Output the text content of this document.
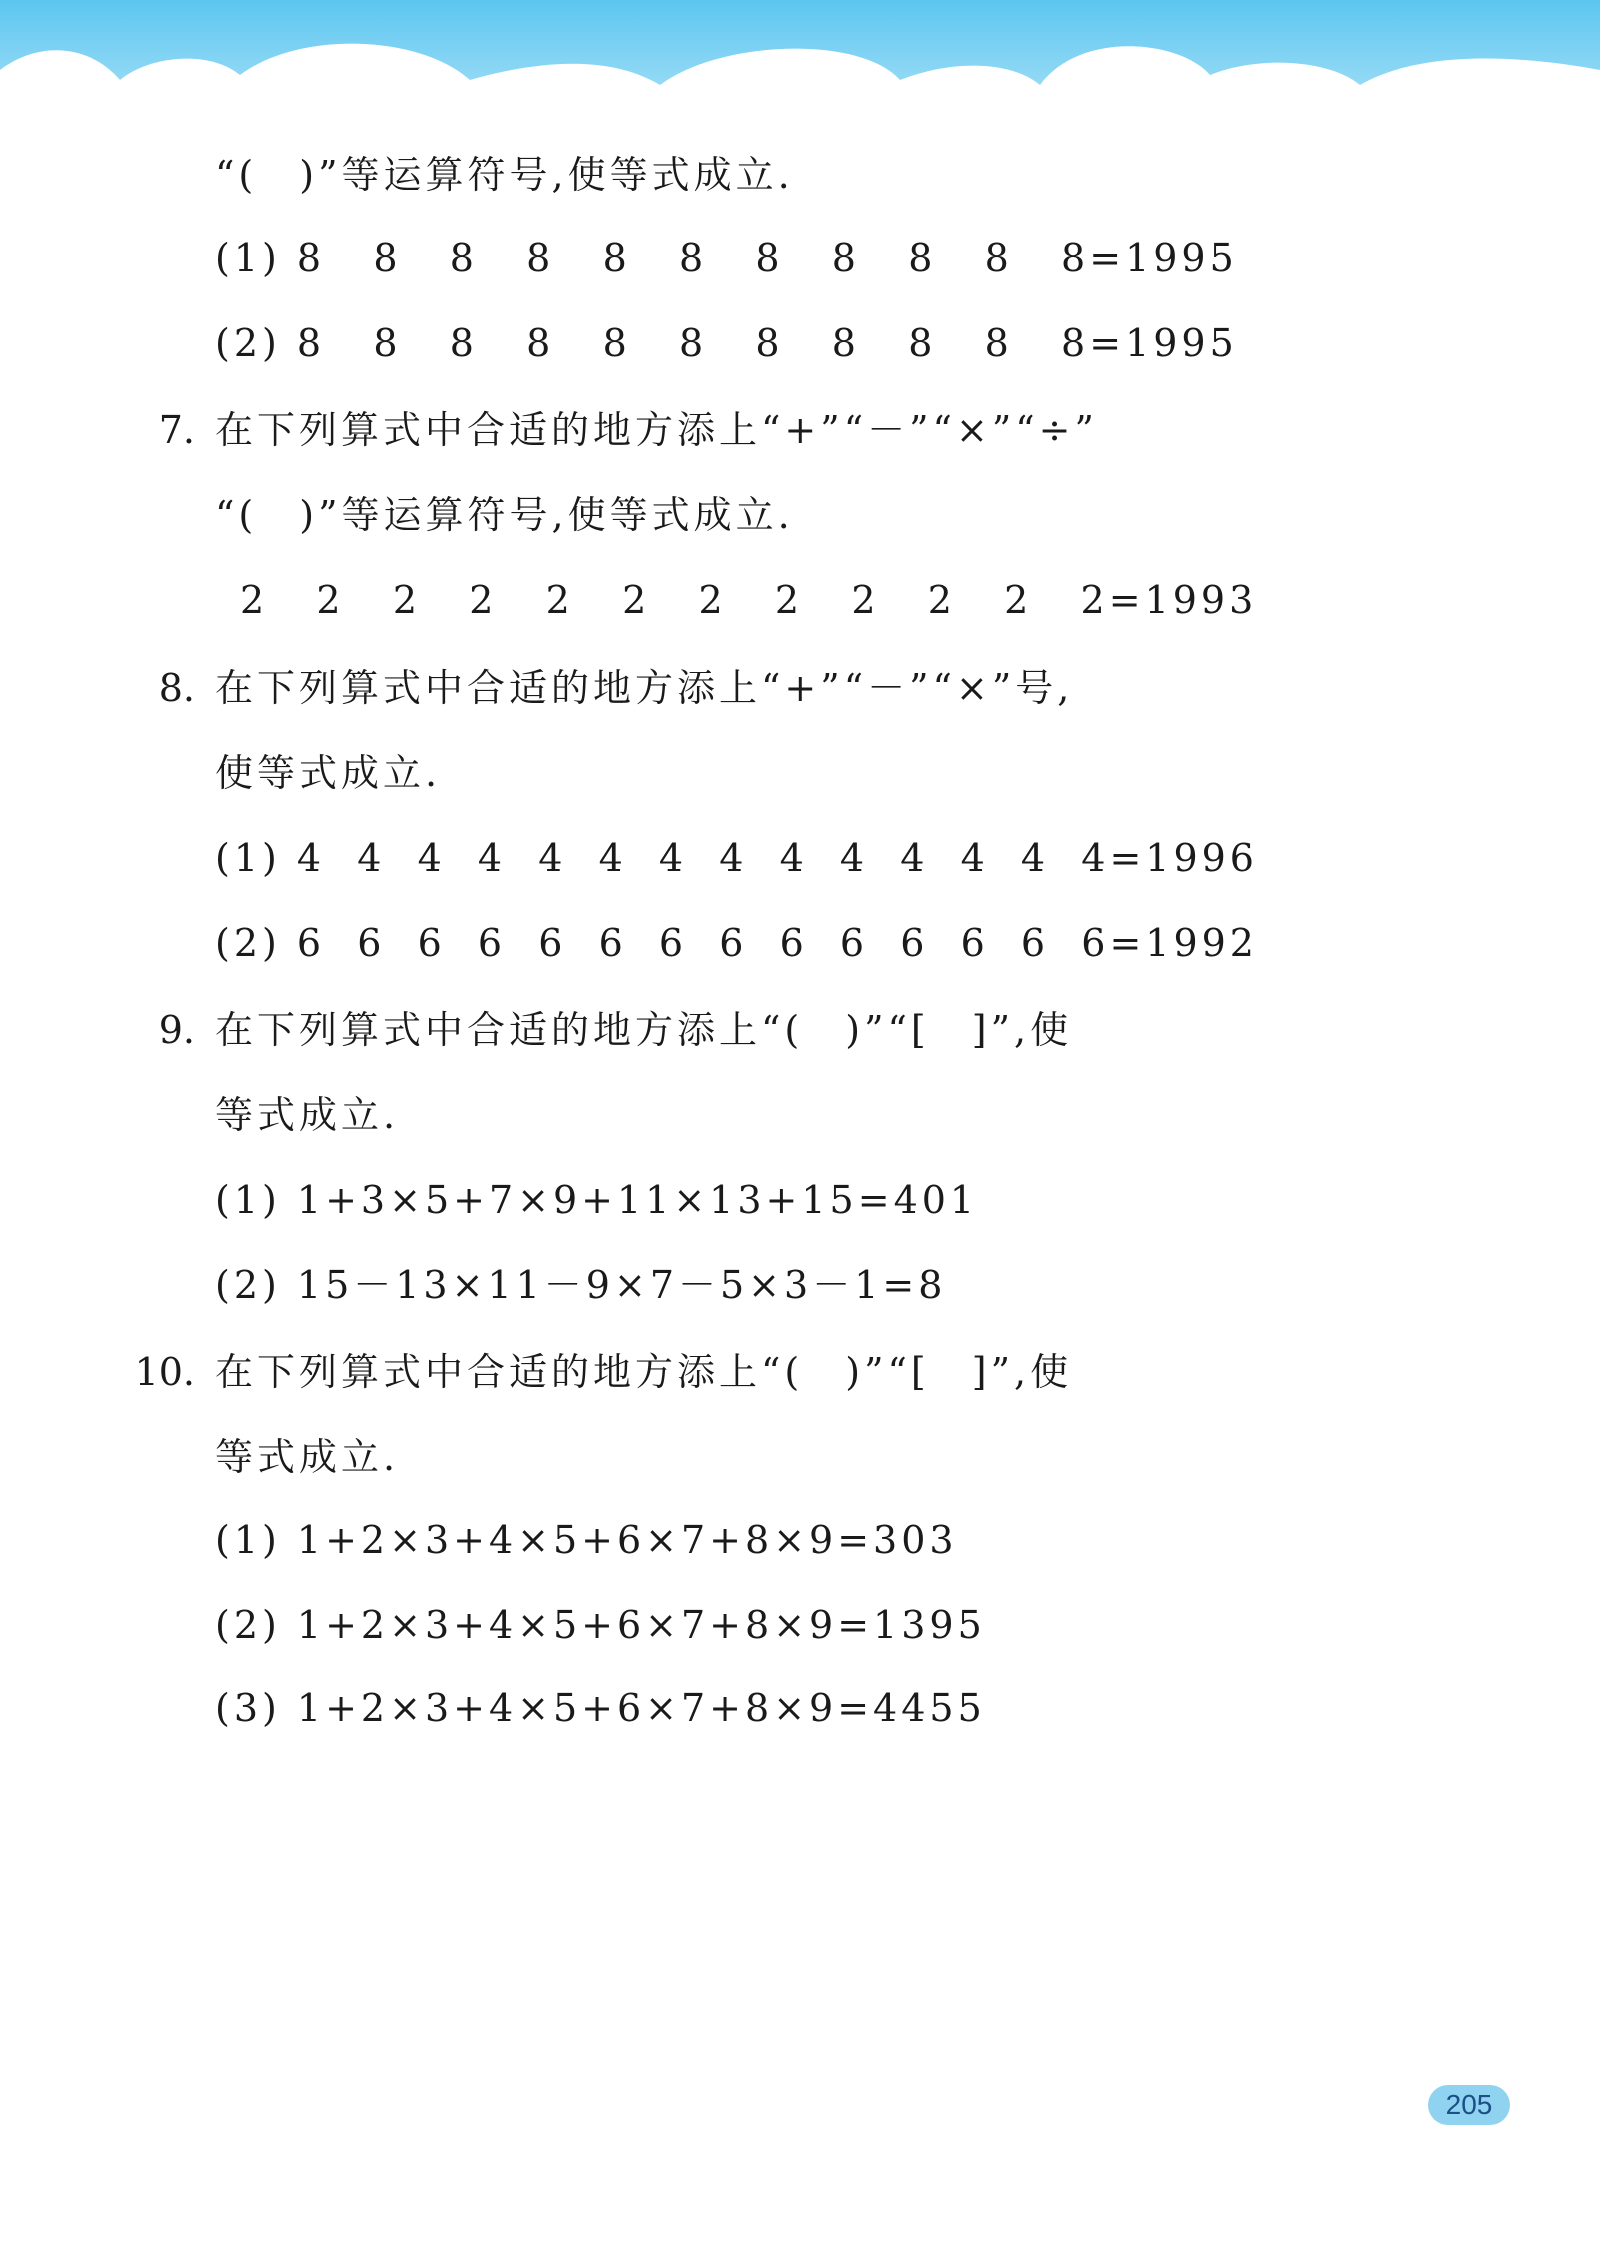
“(　)”等运算符号,使等式成立.
(1) 8   8   8   8   8   8   8   8   8   8   8=1995
(2) 8   8   8   8   8   8   8   8   8   8   8=1995
7. 在下列算式中合适的地方添上“+”“－”“×”“÷”
“(　)”等运算符号,使等式成立.
2   2   2   2   2   2   2   2   2   2   2   2=1993
8. 在下列算式中合适的地方添上“+”“－”“×”号,
使等式成立.
(1) 4  4  4  4  4  4  4  4  4  4  4  4  4  4=1996
(2) 6  6  6  6  6  6  6  6  6  6  6  6  6  6=1992
9. 在下列算式中合适的地方添上“(　)”“[　]”,使
等式成立.
(1) 1+3×5+7×9+11×13+15=401
(2) 15－13×11－9×7－5×3－1=8
10. 在下列算式中合适的地方添上“(　)”“[　]”,使
等式成立.
(1) 1+2×3+4×5+6×7+8×9=303
(2) 1+2×3+4×5+6×7+8×9=1395
(3) 1+2×3+4×5+6×7+8×9=4455
205
